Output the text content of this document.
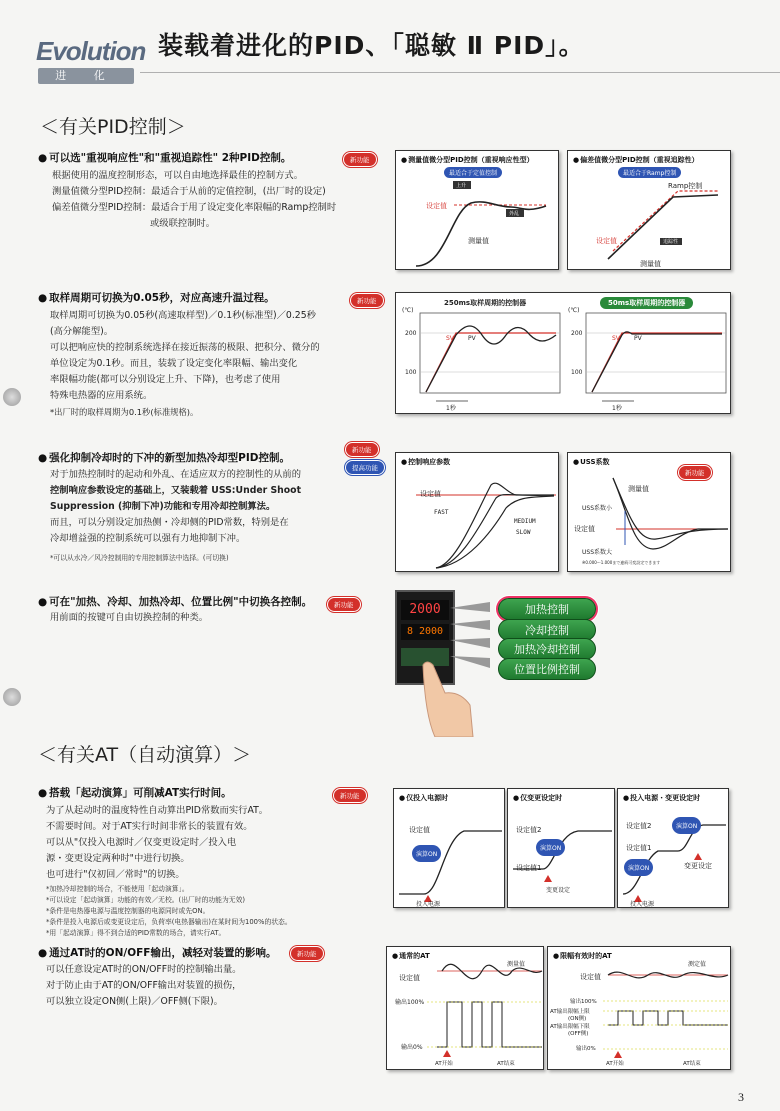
Evolution
进 化
装载着进化的PID、「聪敏 Ⅱ PID」。
＜有关PID控制＞
● 可以选"重视响应性"和"重视追踪性" 2种PID控制。	新功能
根据使用的温度控制形态，可以自由地选择最佳的控制方式。
测量值微分型PID控制：最适合于从前的定值控制，(出厂时的设定)
偏差值微分型PID控制：最适合于用了设定变化率限幅的Ramp控制时
或级联控制时。
● 测量值微分型PID控制（重视响应性型）
最适合于定值控制
上升
外乱
设定值
测量值
● 偏差值微分型PID控制（重视追踪性）
最适合于Ramp控制
Ramp控制
设定值	追踪性
测量值
● 取样周期可切换为0.05秒，对应高速升温过程。	新功能
取样周期可切换为0.05秒(高速取样型)／0.1秒(标准型)／0.25秒
(高分解能型)。
可以把响应快的控制系统选择在接近振荡的极限、把积分、微分的
单位设定为0.1秒。而且，装载了设定变化率限幅、输出变化
率限幅功能(都可以分别设定上升、下降)，也考虑了使用
特殊电热器的应用系统。
*出厂时的取样周期为0.1秒(标准规格)。
250ms取样周期的控制器	50ms取样周期的控制器
(℃)	(℃)
200
100
200
100
SV PV	SV PV
1秒	1秒
● 强化抑制冷却时的下冲的新型加热冷却型PID控制。
新功能
提高功能
对于加热控制时的起动和外乱、在适应双方的控制性的从前的
控制响应参数设定的基础上，又装载着 USS:Under Shoot
Suppression (抑制下冲)功能和专用冷却控制算法。
而且，可以分别设定加热侧・冷却侧的PID常数，特别是在
冷却增益强的控制系统可以强有力地抑制下冲。
*可以从水冷／风冷控制用的专用控制算法中选择。(可切换)
● 控制响应参数
设定值
FAST
MEDIUM
SLOW
● USS系数
新功能
测量值
USS系数小
设定值
USS系数大
※0.000～1.000まで連続可変設定できます
● 可在"加热、冷却、加热冷却、位置比例"中切换各控制。	新功能
用前面的按键可自由切换控制的种类。
2000
8 2000
加热控制
冷却控制
加热冷却控制
位置比例控制
＜有关AT（自动演算）＞
● 搭载「起动演算」可削减AT实行时间。	新功能
为了从起动时的温度特性自动算出PID常数而实行AT。
不需要时间。对于AT实行时间非常长的装置有效。
可以从"仅投入电源时／仅变更设定时／投入电
源・变更设定两种时"中进行切换。
也可进行"仅初回／常时"的切换。
*加热冷却控制的场合，不能使用「起动演算」。
*可以设定「起动演算」功能的有效／无校。(出厂时的功能为无效)
*条件是电热器电源与温度控制器的电源同时或先ON。
*条件是投入电源后或变更设定后，负荷率(电热器输出)在某时间为100%的状态。
*用「起动演算」得不到合适的PID常数的场合，请实行AT。
● 仅投入电源时
设定值
演算ON
投入电源
● 仅变更设定时
设定值2
演算ON
设定值1
变更设定
● 投入电源・变更设定时
设定值2	演算ON
设定值1
演算ON	变更设定
投入电源
● 通过AT时的ON/OFF输出，减轻对装置的影响。	新功能
可以任意设定AT时的ON/OFF时的控制输出量。
对于防止由于AT的ON/OFF输出对装置的损伤，
可以独立设定ON侧(上限)／OFF侧(下限)。
● 通常的AT
测量值
设定值
输出100%
输出0%
AT开始	AT结束
● 限幅有效时的AT
测定值
设定值
输出100%
AT输出限幅上限
(ON侧)
AT输出限幅下限
(OFF侧)
输出0%
AT开始	AT结束
3
